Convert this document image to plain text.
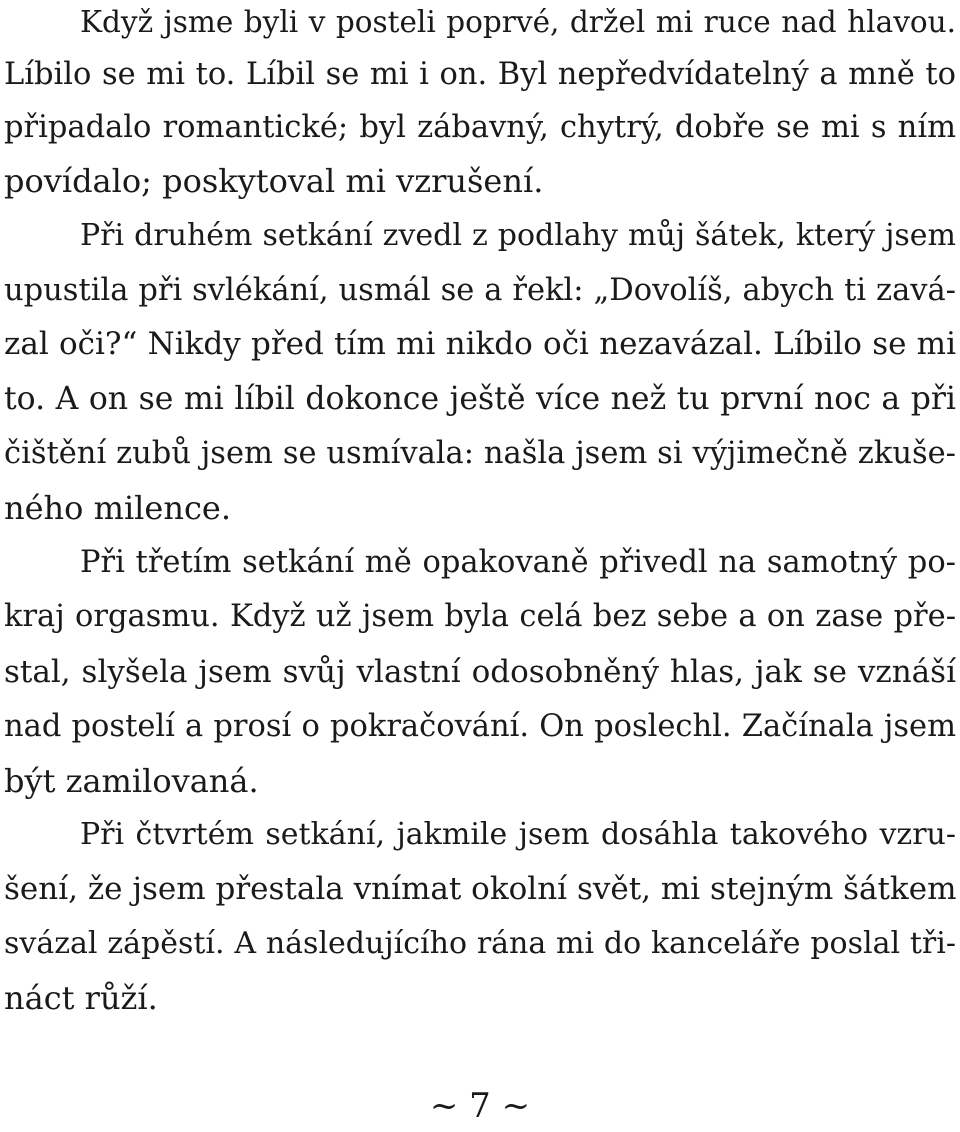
Když jsme byli v posteli poprvé, držel mi ruce nad hlavou.
Líbilo se mi to. Líbil se mi i on. Byl nepředvídatelný a mně to
připadalo romantické; byl zábavný, chytrý, dobře se mi s ním
povídalo; poskytoval mi vzrušení.
Při druhém setkání zvedl z podlahy můj šátek, který jsem
upustila při svlékání, usmál se a řekl: „Dovolíš, abych ti zavá-
zal oči?“ Nikdy před tím mi nikdo oči nezavázal. Líbilo se mi
to. A on se mi líbil dokonce ještě více než tu první noc a při
čištění zubů jsem se usmívala: našla jsem si výjimečně zkuše-
ného milence.
Při třetím setkání mě opakovaně přivedl na samotný po-
kraj orgasmu. Když už jsem byla celá bez sebe a on zase pře-
stal, slyšela jsem svůj vlastní odosobněný hlas, jak se vznáší
nad postelí a prosí o pokračování. On poslechl. Začínala jsem
být zamilovaná.
Při čtvrtém setkání, jakmile jsem dosáhla takového vzru-
šení, že jsem přestala vnímat okolní svět, mi stejným šátkem
svázal zápěstí. A následujícího rána mi do kanceláře poslal tři-
náct růží.
~ 7 ~
